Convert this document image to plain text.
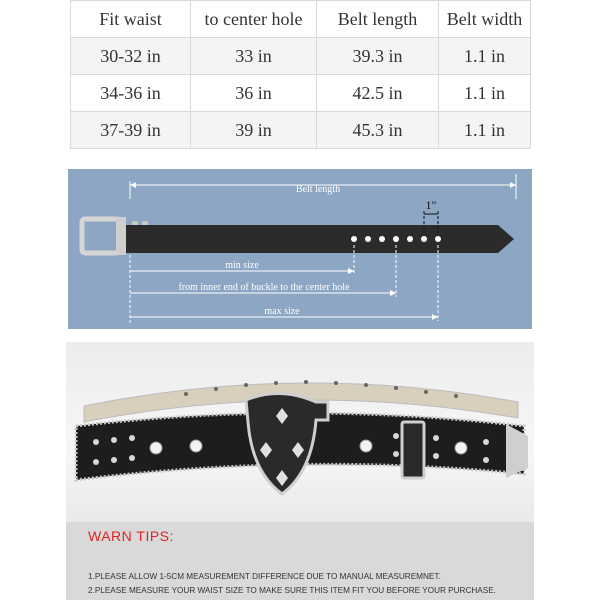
Fit waist	to center hole	Belt length	Belt width
30-32 in	33 in	39.3 in	1.1 in
34-36 in	36 in	42.5 in	1.1 in
37-39 in	39 in	45.3 in	1.1 in
Belt length
1"
min size
from inner end of buckle to the center hole
max size
WARN TIPS:
1.PLEASE ALLOW 1-5CM MEASUREMENT DIFFERENCE DUE TO MANUAL MEASUREMNET.
2.PLEASE MEASURE YOUR WAIST SIZE TO MAKE SURE THIS ITEM FIT YOU BEFORE YOUR PURCHASE.
